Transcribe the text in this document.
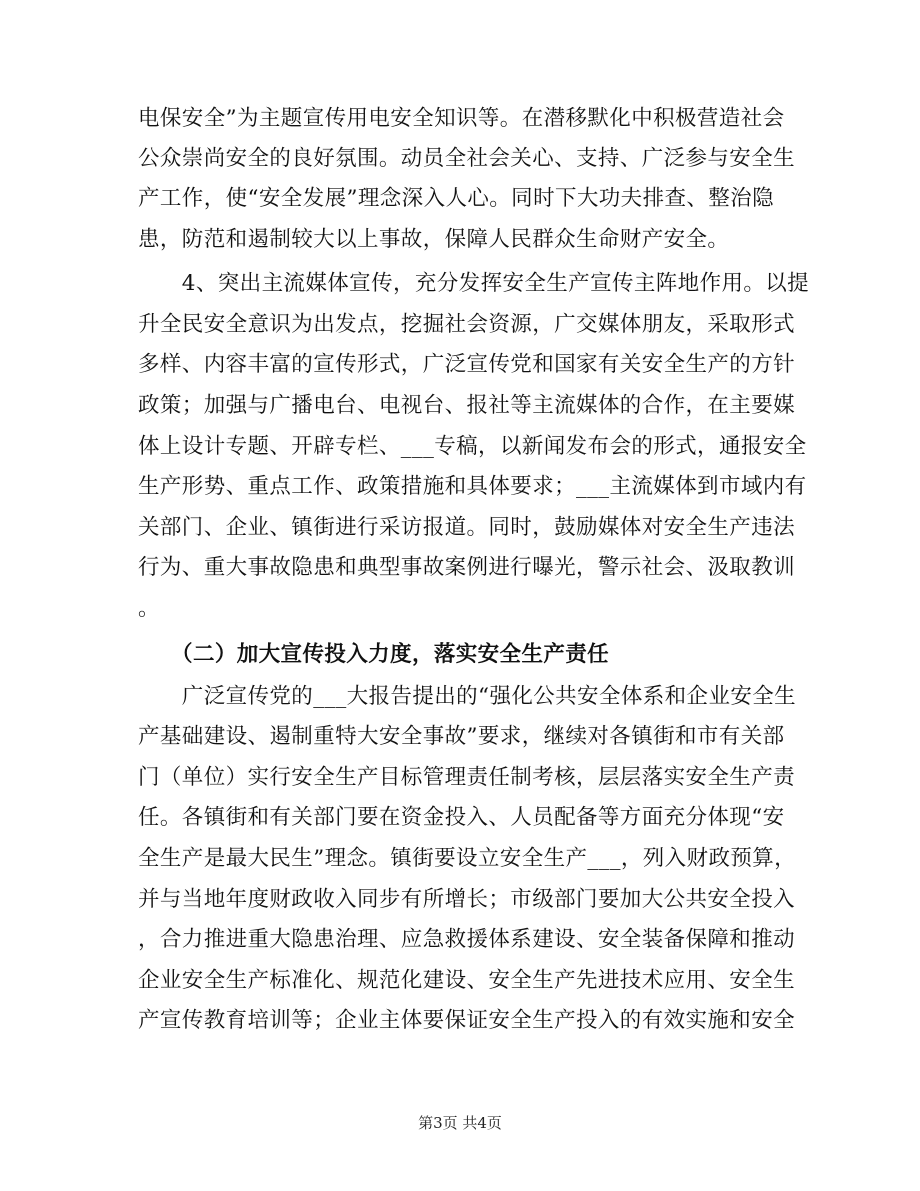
电保安全”为主题宣传用电安全知识等。在潜移默化中积极营造社会
公众崇尚安全的良好氛围。动员全社会关心、支持、广泛参与安全生
产工作，使“安全发展”理念深入人心。同时下大功夫排查、整治隐
患，防范和遏制较大以上事故，保障人民群众生命财产安全。
　　4、突出主流媒体宣传，充分发挥安全生产宣传主阵地作用。以提
升全民安全意识为出发点，挖掘社会资源，广交媒体朋友，采取形式
多样、内容丰富的宣传形式，广泛宣传党和国家有关安全生产的方针
政策；加强与广播电台、电视台、报社等主流媒体的合作，在主要媒
体上设计专题、开辟专栏、___专稿，以新闻发布会的形式，通报安全
生产形势、重点工作、政策措施和具体要求；___主流媒体到市域内有
关部门、企业、镇街进行采访报道。同时，鼓励媒体对安全生产违法
行为、重大事故隐患和典型事故案例进行曝光，警示社会、汲取教训
。
　　（二）加大宣传投入力度，落实安全生产责任
　　广泛宣传党的___大报告提出的“强化公共安全体系和企业安全生
产基础建设、遏制重特大安全事故”要求，继续对各镇街和市有关部
门（单位）实行安全生产目标管理责任制考核，层层落实安全生产责
任。各镇街和有关部门要在资金投入、人员配备等方面充分体现“安
全生产是最大民生”理念。镇街要设立安全生产___，列入财政预算，
并与当地年度财政收入同步有所增长；市级部门要加大公共安全投入
，合力推进重大隐患治理、应急救援体系建设、安全装备保障和推动
企业安全生产标准化、规范化建设、安全生产先进技术应用、安全生
产宣传教育培训等；企业主体要保证安全生产投入的有效实施和安全
第3页 共4页
